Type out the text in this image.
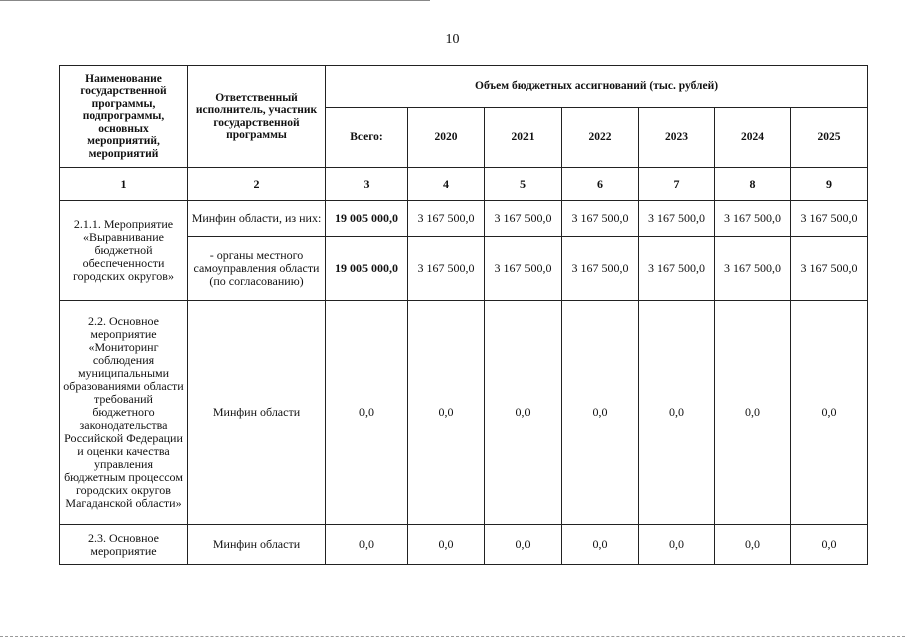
10
Наименование государственной программы, подпрограммы, основных мероприятий, мероприятий	Ответственный исполнитель, участник государственной программы	Объем бюджетных ассигнований (тыс. рублей)						
		Всего:	2020	2021	2022	2023	2024	2025
1	2	3	4	5	6	7	8	9
2.1.1. Мероприятие «Выравнивание бюджетной обеспеченности городских округов»	Минфин области, из них:	19 005 000,0	3 167 500,0	3 167 500,0	3 167 500,0	3 167 500,0	3 167 500,0	3 167 500,0
	- органы местного самоуправления области (по согласованию)	19 005 000,0	3 167 500,0	3 167 500,0	3 167 500,0	3 167 500,0	3 167 500,0	3 167 500,0
2.2. Основное мероприятие «Мониторинг соблюдения муниципальными образованиями области требований бюджетного законодательства Российской Федерации и оценки качества управления бюджетным процессом городских округов Магаданской области»	Минфин области	0,0	0,0	0,0	0,0	0,0	0,0	0,0
2.3. Основное мероприятие	Минфин области	0,0	0,0	0,0	0,0	0,0	0,0	0,0
